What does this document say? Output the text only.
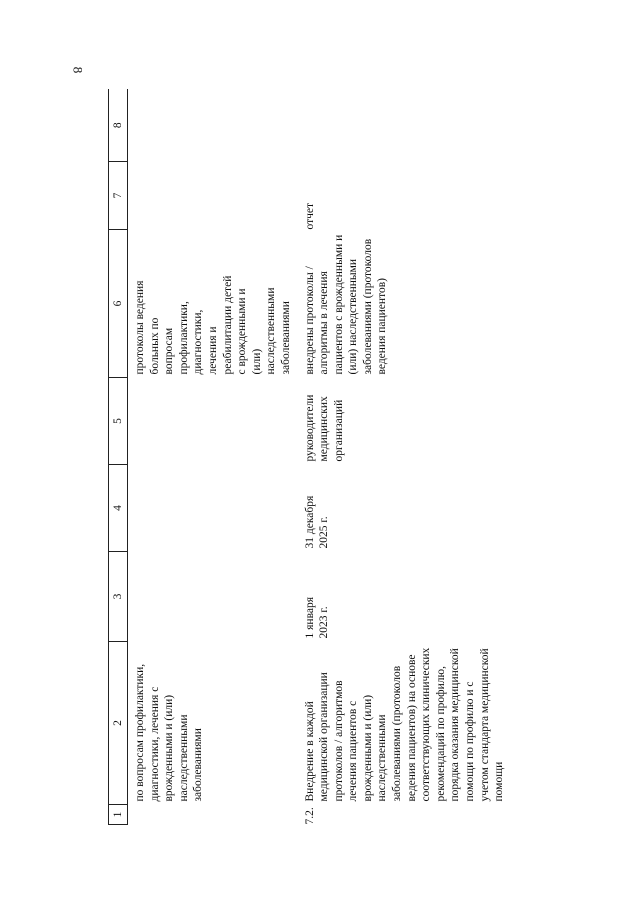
8
1	2	3	4	5	6	7	8
	по вопросам профилактики, диагностики, лечения с врожденными и (или) наследственными заболеваниями				протоколы ведения больных по вопросам профилактики, диагностики, лечения и реабилитации детей с врожденными и (или) наследственными заболеваниями		
7.2.	Внедрение в каждой медицинской организации протоколов / алгоритмов лечения пациентов с врожденными и (или) наследственными заболеваниями (протоколов ведения пациентов) на основе соответствующих клинических рекомендаций по профилю, порядка оказания медицинской помощи по профилю и с учетом стандарта медицинской помощи	1 января 2023 г.	31 декабря 2025 г.	руководители медицинских организаций	внедрены протоколы / алгоритмы в лечения пациентов с врожденными и (или) наследственными заболеваниями (протоколов ведения пациентов)	отчет	
